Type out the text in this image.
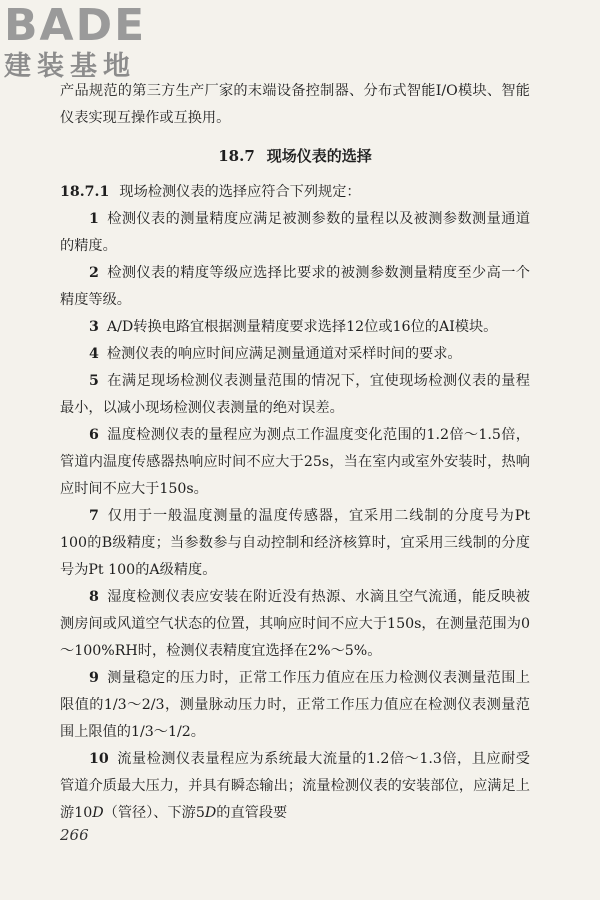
BADE
建装基地

产品规范的第三方生产厂家的末端设备控制器、分布式智能I/O模块、智能仪表实现互操作或互换用。

18.7 现场仪表的选择

18.7.1 现场检测仪表的选择应符合下列规定：

1 检测仪表的测量精度应满足被测参数的量程以及被测参数测量通道的精度。

2 检测仪表的精度等级应选择比要求的被测参数测量精度至少高一个精度等级。

3 A/D转换电路宜根据测量精度要求选择12位或16位的AI模块。

4 检测仪表的响应时间应满足测量通道对采样时间的要求。

5 在满足现场检测仪表测量范围的情况下，宜使现场检测仪表的量程最小，以减小现场检测仪表测量的绝对误差。

6 温度检测仪表的量程应为测点工作温度变化范围的1.2倍～1.5倍，管道内温度传感器热响应时间不应大于25s，当在室内或室外安装时，热响应时间不应大于150s。

7 仅用于一般温度测量的温度传感器，宜采用二线制的分度号为Pt 100的B级精度；当参数参与自动控制和经济核算时，宜采用三线制的分度号为Pt 100的A级精度。

8 湿度检测仪表应安装在附近没有热源、水滴且空气流通，能反映被测房间或风道空气状态的位置，其响应时间不应大于150s，在测量范围为0～100%RH时，检测仪表精度宜选择在2%～5%。

9 测量稳定的压力时，正常工作压力值应在压力检测仪表测量范围上限值的1/3～2/3，测量脉动压力时，正常工作压力值应在检测仪表测量范围上限值的1/3～1/2。

10 流量检测仪表量程应为系统最大流量的1.2倍～1.3倍，且应耐受管道介质最大压力，并具有瞬态输出；流量检测仪表的安装部位，应满足上游10D（管径）、下游5D的直管段要

266
